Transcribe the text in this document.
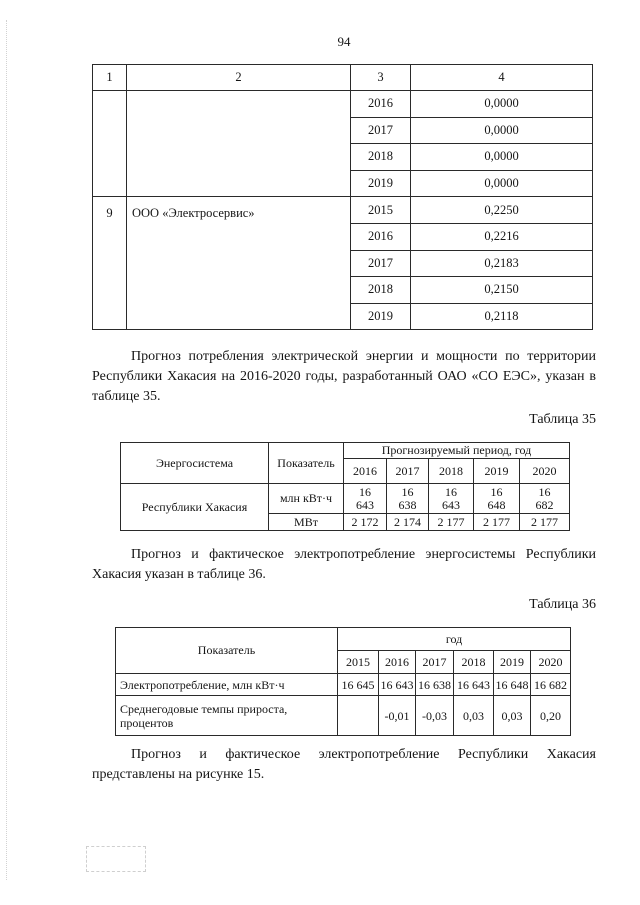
94
1	2	3	4
		2016	0,0000
		2017	0,0000
		2018	0,0000
		2019	0,0000
9	ООО «Электросервис»	2015	0,2250
		2016	0,2216
		2017	0,2183
		2018	0,2150
		2019	0,2118

Прогноз потребления электрической энергии и мощности по территории Республики Хакасия на 2016-2020 годы, разработанный ОАО «СО ЕЭС», указан в таблице 35.

Таблица 35
Энергосистема	Показатель	Прогнозируемый период, год				
		2016	2017	2018	2019	2020
Республики Хакасия	млн кВт·ч	16 643	16 638	16 643	16 648	16 682
	МВт	2 172	2 174	2 177	2 177	2 177

Прогноз и фактическое электропотребление энергосистемы Республики Хакасия указан в таблице 36.

Таблица 36
Показатель	год					
	2015	2016	2017	2018	2019	2020
Электропотребление, млн кВт·ч	16 645	16 643	16 638	16 643	16 648	16 682
Среднегодовые темпы прироста, процентов		-0,01	-0,03	0,03	0,03	0,20

Прогноз и фактическое электропотребление Республики Хакасия представлены на рисунке 15.
